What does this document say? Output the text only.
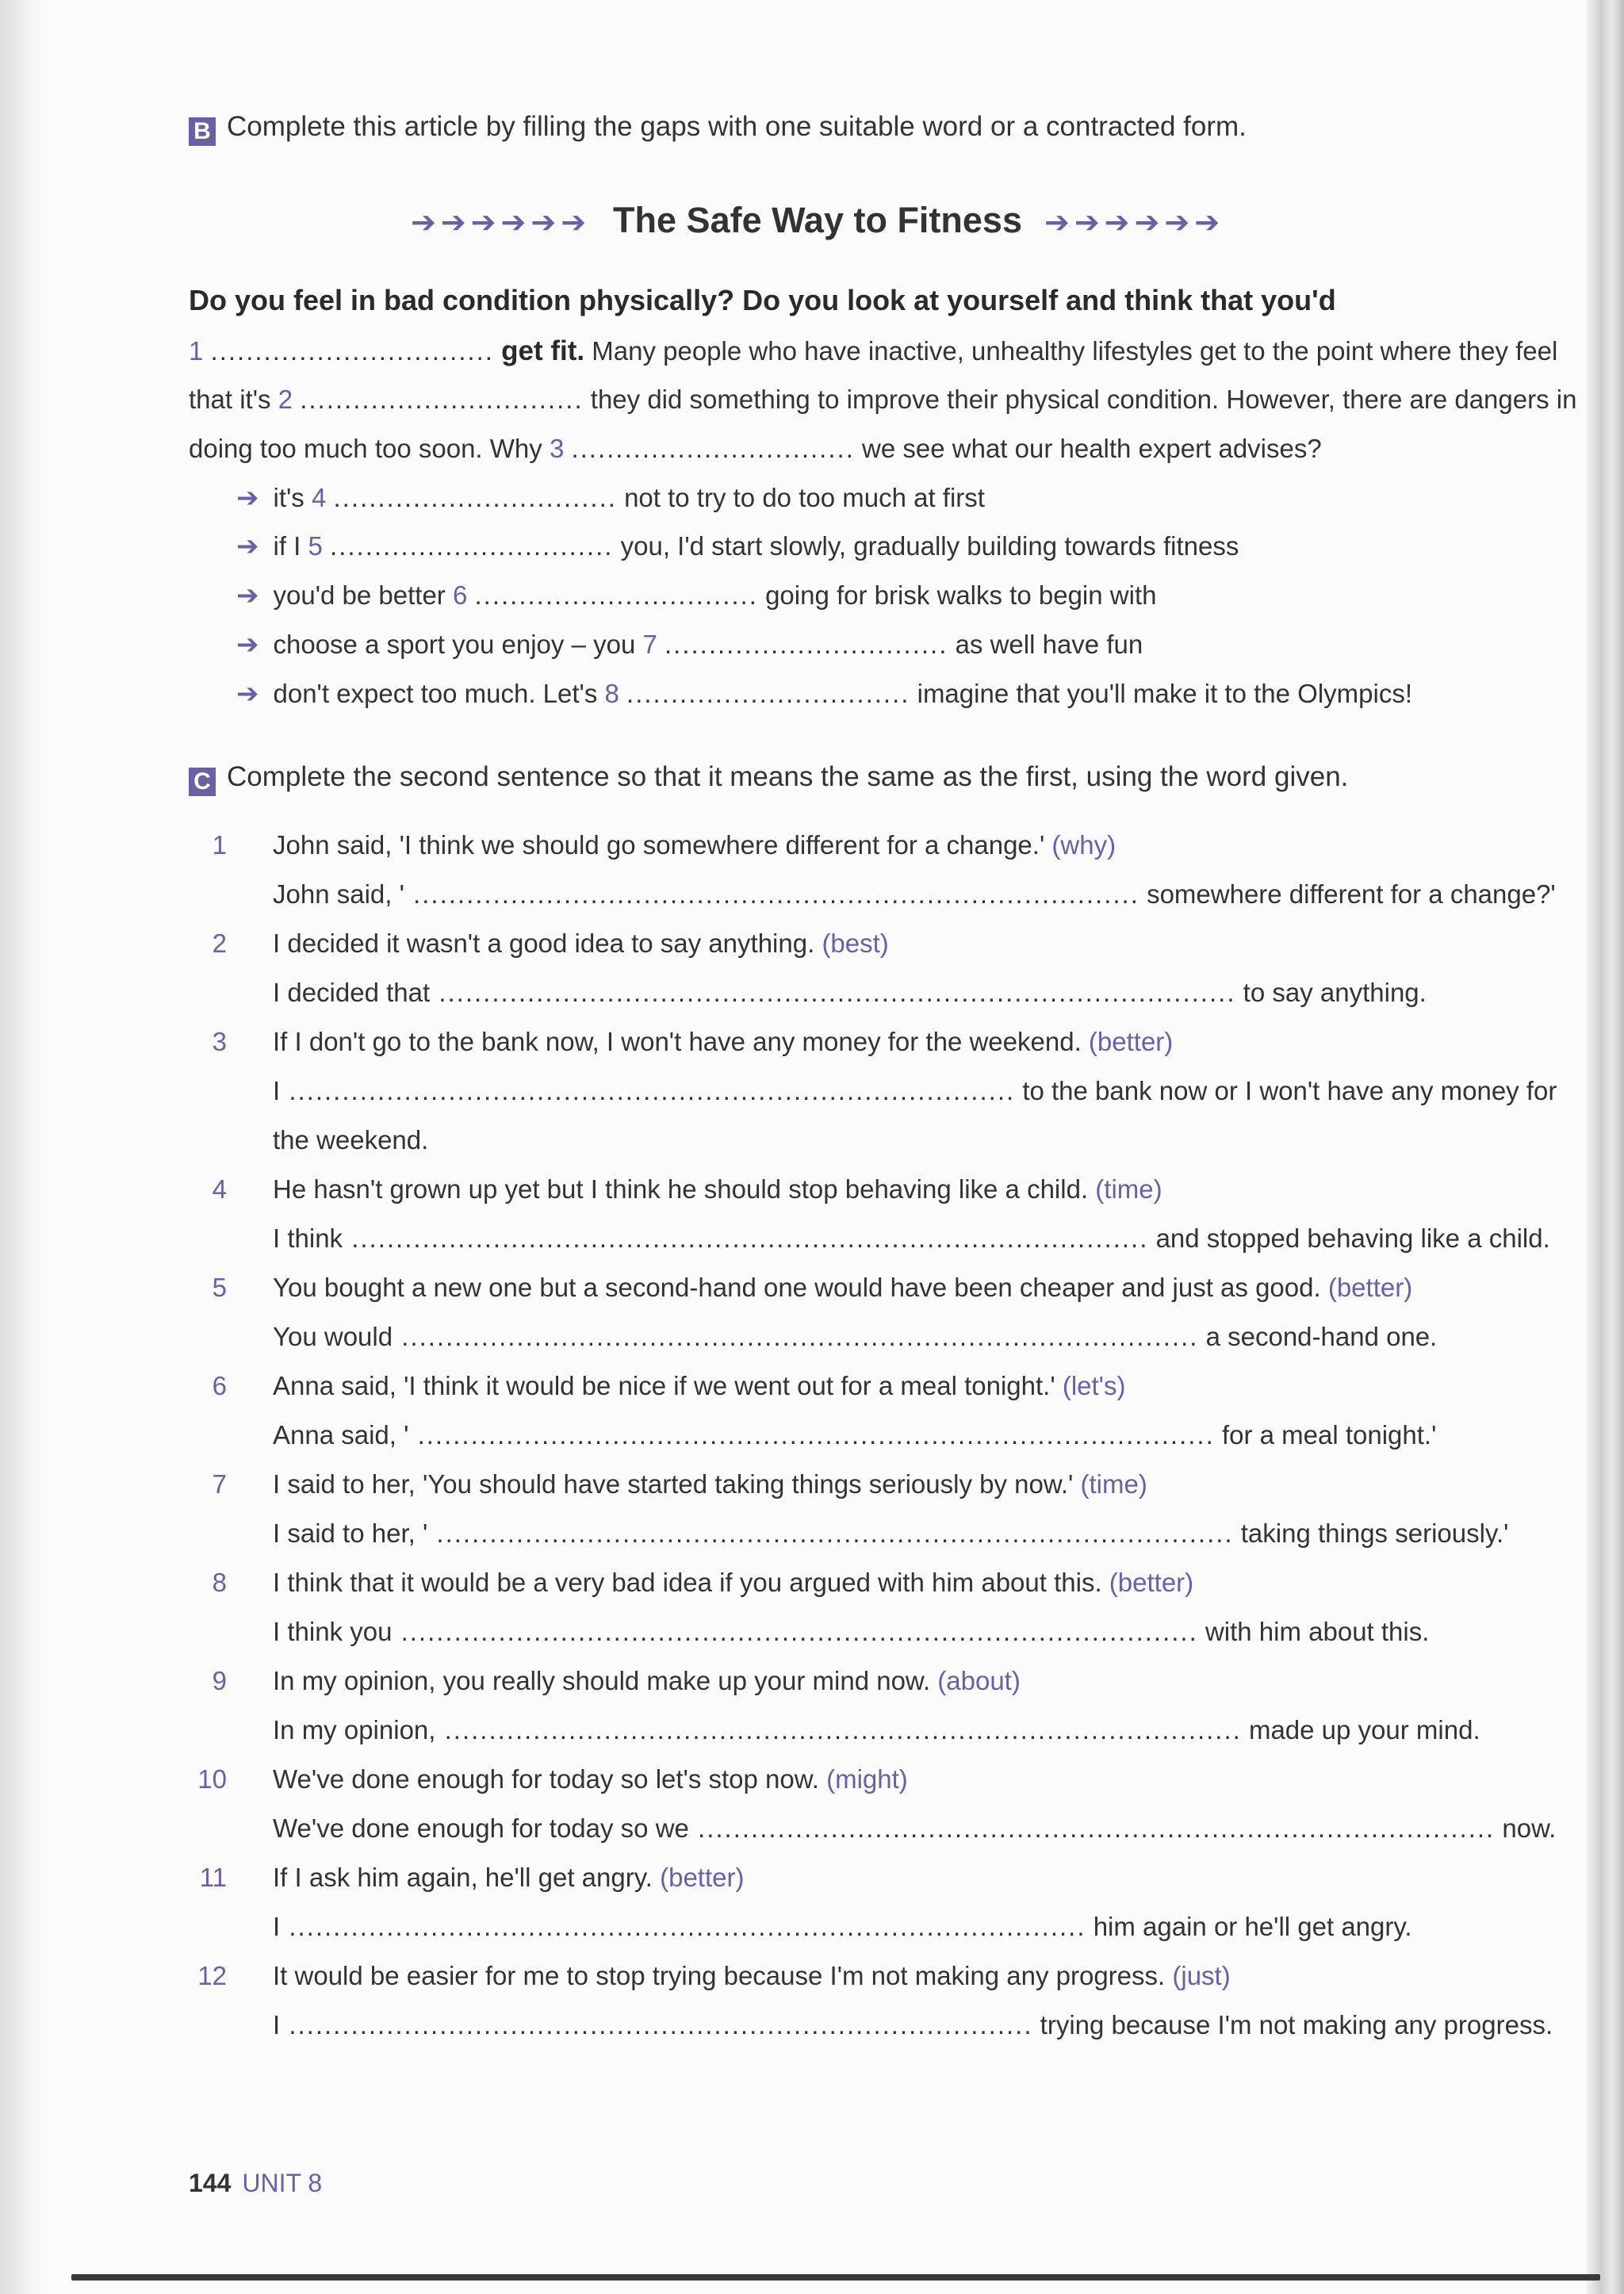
B Complete this article by filling the gaps with one suitable word or a contracted form.
➔➔➔➔➔➔ The Safe Way to Fitness ➔➔➔➔➔➔
Do you feel in bad condition physically? Do you look at yourself and think that you'd
1 ................................ get fit. Many people who have inactive, unhealthy lifestyles get to the point where they feel
that it's 2 ................................ they did something to improve their physical condition. However, there are dangers in
doing too much too soon. Why 3 ................................ we see what our health expert advises?
➔ it's 4 ................................ not to try to do too much at first
➔ if I 5 ................................ you, I'd start slowly, gradually building towards fitness
➔ you'd be better 6 ................................ going for brisk walks to begin with
➔ choose a sport you enjoy – you 7 ................................ as well have fun
➔ don't expect too much. Let's 8 ................................ imagine that you'll make it to the Olympics!
C Complete the second sentence so that it means the same as the first, using the word given.
1 John said, 'I think we should go somewhere different for a change.' (why)
John said, ' .................................................................................. somewhere different for a change?'
2 I decided it wasn't a good idea to say anything. (best)
I decided that .......................................................................................... to say anything.
3 If I don't go to the bank now, I won't have any money for the weekend. (better)
I .................................................................................. to the bank now or I won't have any money for
the weekend.
4 He hasn't grown up yet but I think he should stop behaving like a child. (time)
I think .......................................................................................... and stopped behaving like a child.
5 You bought a new one but a second-hand one would have been cheaper and just as good. (better)
You would .......................................................................................... a second-hand one.
6 Anna said, 'I think it would be nice if we went out for a meal tonight.' (let's)
Anna said, ' .......................................................................................... for a meal tonight.'
7 I said to her, 'You should have started taking things seriously by now.' (time)
I said to her, ' .......................................................................................... taking things seriously.'
8 I think that it would be a very bad idea if you argued with him about this. (better)
I think you .......................................................................................... with him about this.
9 In my opinion, you really should make up your mind now. (about)
In my opinion, .......................................................................................... made up your mind.
10 We've done enough for today so let's stop now. (might)
We've done enough for today so we .......................................................................................... now.
11 If I ask him again, he'll get angry. (better)
I .......................................................................................... him again or he'll get angry.
12 It would be easier for me to stop trying because I'm not making any progress. (just)
I .................................................................................... trying because I'm not making any progress.
144 UNIT 8
